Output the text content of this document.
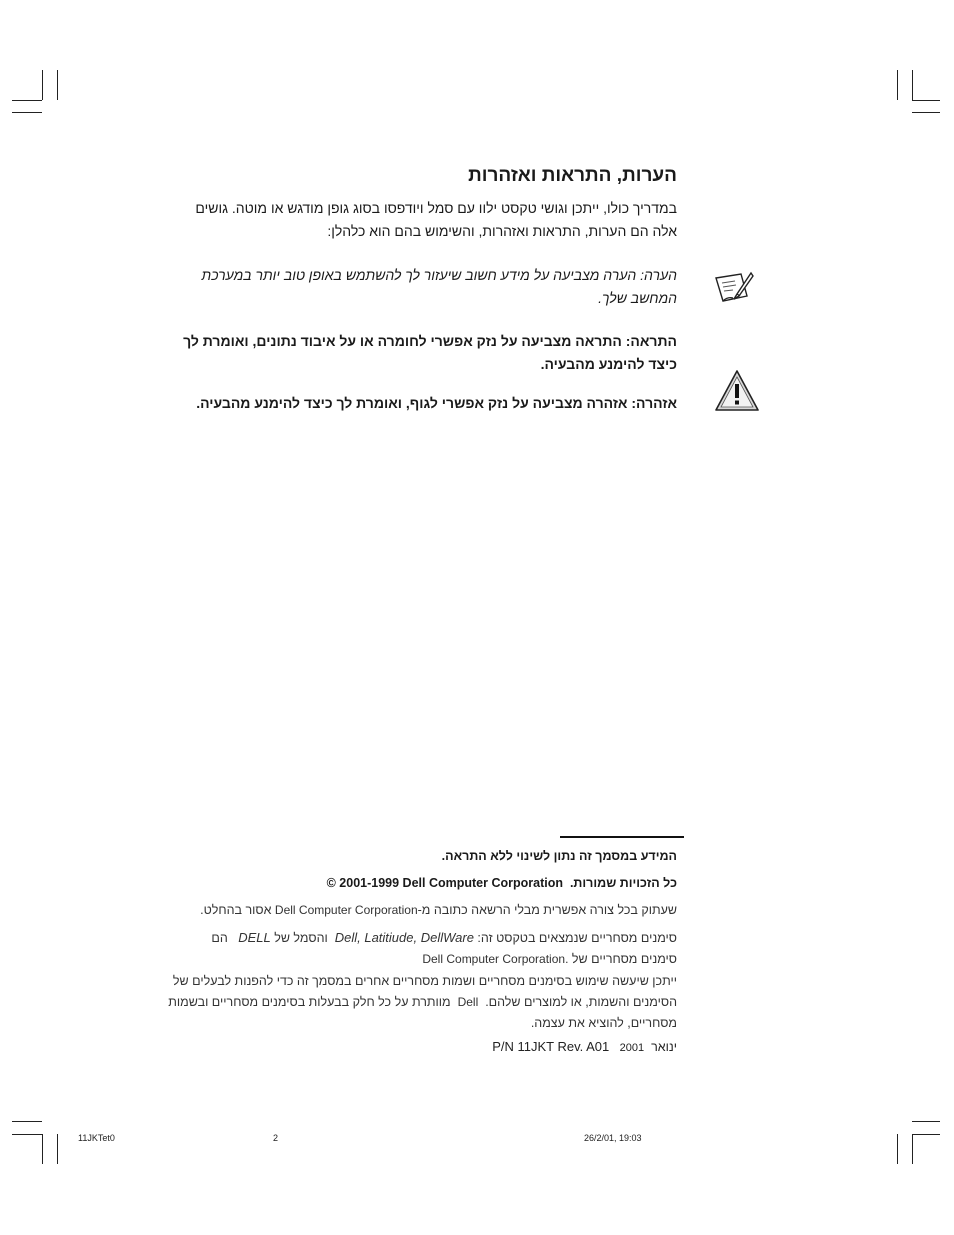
הערות, התראות ואזהרות
במדריך כולו, ייתכן וגושי טקסט ילוו עם סמל ויודפסו בסוג גופן מודגש או מוטה. גושים אלה הם הערות, התראות ואזהרות, והשימוש בהם הוא כלהלן:
הערה: הערה מצביעה על מידע חשוב שיעזור לך להשתמש באופן טוב יותר במערכת המחשב שלך.
התראה: התראה מצביעה על נזק אפשרי לחומרה או על איבוד נתונים, ואומרת לך כיצד להימנע מהבעיה.
אזהרה: אזהרה מצביעה על נזק אפשרי לגוף, ואומרת לך כיצד להימנע מהבעיה.
המידע במסמך זה נתון לשינוי ללא התראה.
כל הזכויות שמורות.  © 2001-1999 Dell Computer Corporation
שעתוק בכל צורה אפשרית מבלי הרשאה כתובה מ-Dell Computer Corporation אסור בהחלט.
סימנים מסחריים שנמצאים בטקסט זה: Dell, Latitiude, DellWare  והסמל של DELL   הם
סימנים מסחריים של Dell Computer Corporation.
ייתכן שיעשה שימוש בסימנים מסחריים ושמות מסחריים אחרים במסמך זה כדי להפנות לבעלים של הסימנים והשמות, או למוצרים שלהם.  Dell  מוותרת על כל חלק בבעלות בסימנים מסחריים ובשמות מסחריים, להוציא את עצמה.
ינואר  2001   P/N 11JKT Rev. A01
11JKTet0	2	26/2/01, 19:03
